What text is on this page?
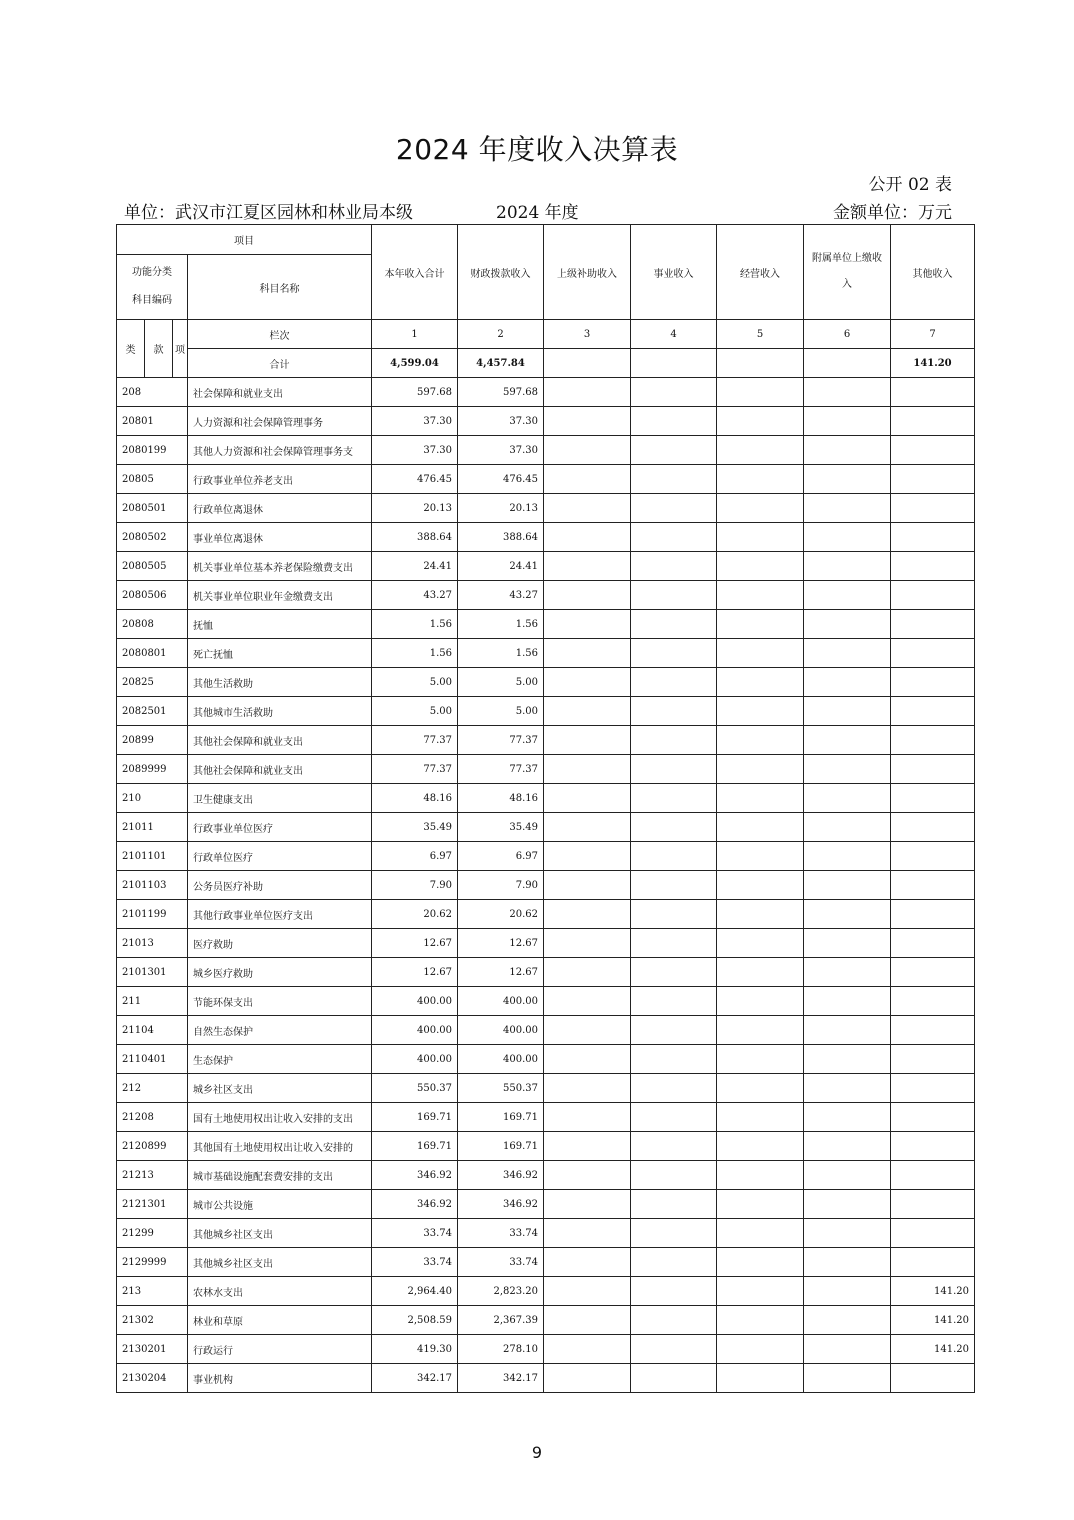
2024 年度收入决算表
公开 02 表
单位：武汉市江夏区园林和林业局本级	2024 年度	金额单位：万元
项目				本年收入合计	财政拨款收入	上级补助收入	事业收入	经营收入	附属单位上缴收
入	其他收入
功能分类
科目编码			科目名称							

类	款	项	栏次	1	2	3	4	5	6	7
			合计	4,599.04	4,457.84					141.20
208			社会保障和就业支出	597.68	597.68					
20801			人力资源和社会保障管理事务	37.30	37.30					
2080199			其他人力资源和社会保障管理事务支	37.30	37.30					
20805			行政事业单位养老支出	476.45	476.45					
2080501			行政单位离退休	20.13	20.13					
2080502			事业单位离退休	388.64	388.64					
2080505			机关事业单位基本养老保险缴费支出	24.41	24.41					
2080506			机关事业单位职业年金缴费支出	43.27	43.27					
20808			抚恤	1.56	1.56					
2080801			死亡抚恤	1.56	1.56					
20825			其他生活救助	5.00	5.00					
2082501			其他城市生活救助	5.00	5.00					
20899			其他社会保障和就业支出	77.37	77.37					
2089999			其他社会保障和就业支出	77.37	77.37					
210			卫生健康支出	48.16	48.16					
21011			行政事业单位医疗	35.49	35.49					
2101101			行政单位医疗	6.97	6.97					
2101103			公务员医疗补助	7.90	7.90					
2101199			其他行政事业单位医疗支出	20.62	20.62					
21013			医疗救助	12.67	12.67					
2101301			城乡医疗救助	12.67	12.67					
211			节能环保支出	400.00	400.00					
21104			自然生态保护	400.00	400.00					
2110401			生态保护	400.00	400.00					
212			城乡社区支出	550.37	550.37					
21208			国有土地使用权出让收入安排的支出	169.71	169.71					
2120899			其他国有土地使用权出让收入安排的	169.71	169.71					
21213			城市基础设施配套费安排的支出	346.92	346.92					
2121301			城市公共设施	346.92	346.92					
21299			其他城乡社区支出	33.74	33.74					
2129999			其他城乡社区支出	33.74	33.74					
213			农林水支出	2,964.40	2,823.20					141.20
21302			林业和草原	2,508.59	2,367.39					141.20
2130201			行政运行	419.30	278.10					141.20
2130204			事业机构	342.17	342.17					
9
